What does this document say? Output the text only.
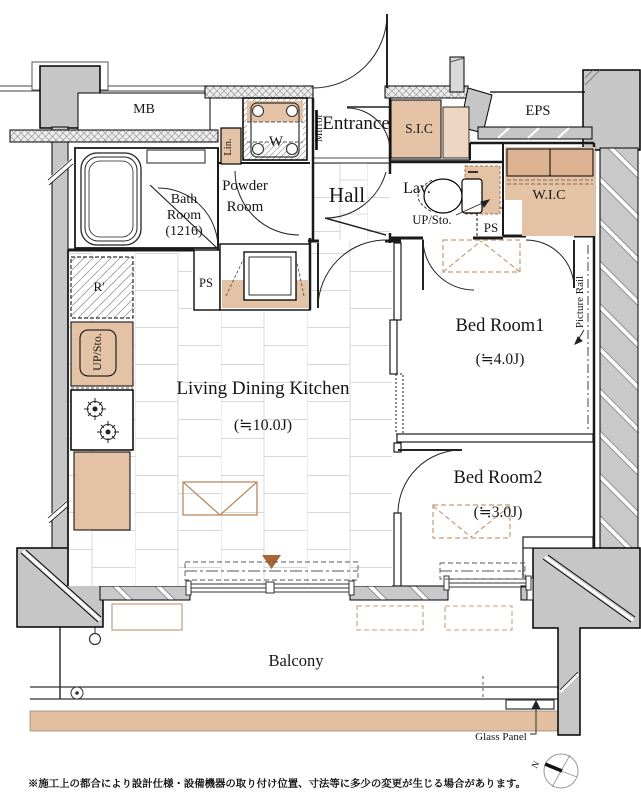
MB
Entrance
Mirror	S.I.C
EPS
Lin. W
Bath
Room
(1216)
Powder
Room	Hall Lav.
UP/Sto. PS
W.I.C
Picture Rail
Bed Room1
(≒4.0J)
Bed Room2
(≒3.0J)
PS
R'
UP/Sto.
Living Dining Kitchen
(≒10.0J)
Balcony
Glass Panel
N
※施工上の都合により設計仕様・設備機器の取り付け位置、寸法等に多少の変更が生じる場合があります。
